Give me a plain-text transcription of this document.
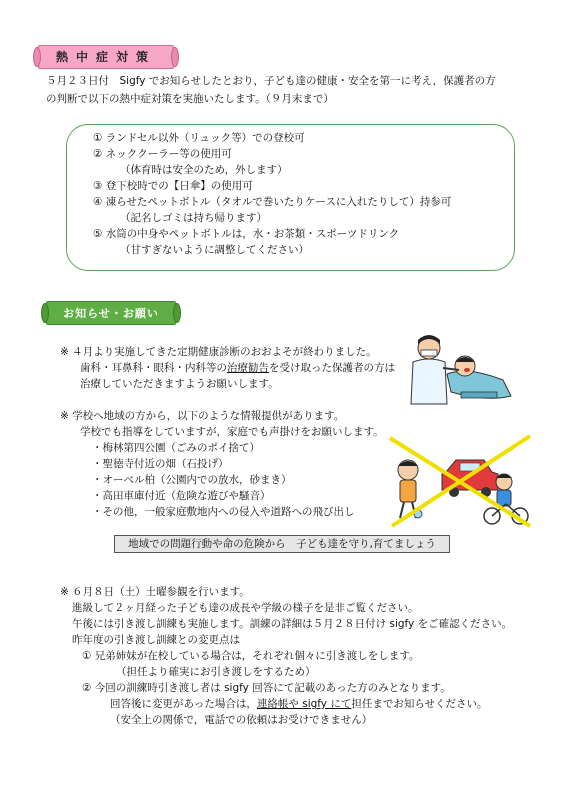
熱中症対策
５月２３日付　Sigfy でお知らせしたとおり，子ども達の健康・安全を第一に考え，保護者の方
の判断で以下の熱中症対策を実施いたします。（９月末まで）
① ランドセル以外（リュック等）での登校可
② ネッククーラー等の使用可
（体育時は安全のため，外します）
③ 登下校時での【日傘】の使用可
④ 凍らせたペットボトル（タオルで巻いたりケースに入れたりして）持参可
（記名しゴミは持ち帰ります）
⑤ 水筒の中身やペットボトルは，水・お茶類・スポーツドリンク
（甘すぎないように調整してください）
お知らせ・お願い
※ ４月より実施してきた定期健康診断のおおよそが終わりました。
歯科・耳鼻科・眼科・内科等の治療勧告を受け取った保護者の方は
治療していただきますようお願いします。
※ 学校へ地域の方から，以下のような情報提供があります。
学校でも指導をしていますが，家庭でも声掛けをお願いします。
・梅林第四公園（ごみのポイ捨て）
・聖徳寺付近の畑（石投げ）
・オーベル柏（公園内での放水，砂まき）
・高田車庫付近（危険な遊びや騒音）
・その他，一般家庭敷地内への侵入や道路への飛び出し
地域での問題行動や命の危険から　子ども達を守り,育てましょう
※ ６月８日（土）土曜参観を行います。
進級して２ヶ月経った子ども達の成長や学級の様子を是非ご覧ください。
午後には引き渡し訓練も実施します。訓練の詳細は５月２８日付け sigfy をご確認ください。
昨年度の引き渡し訓練との変更点は
① 兄弟姉妹が在校している場合は，それぞれ個々に引き渡しをします。
（担任より確実にお引き渡しをするため）
② 今回の訓練時引き渡し者は sigfy 回答にて記載のあった方のみとなります。
回答後に変更があった場合は，連絡帳や sigfy にて担任までお知らせください。
（安全上の関係で，電話での依頼はお受けできません）
